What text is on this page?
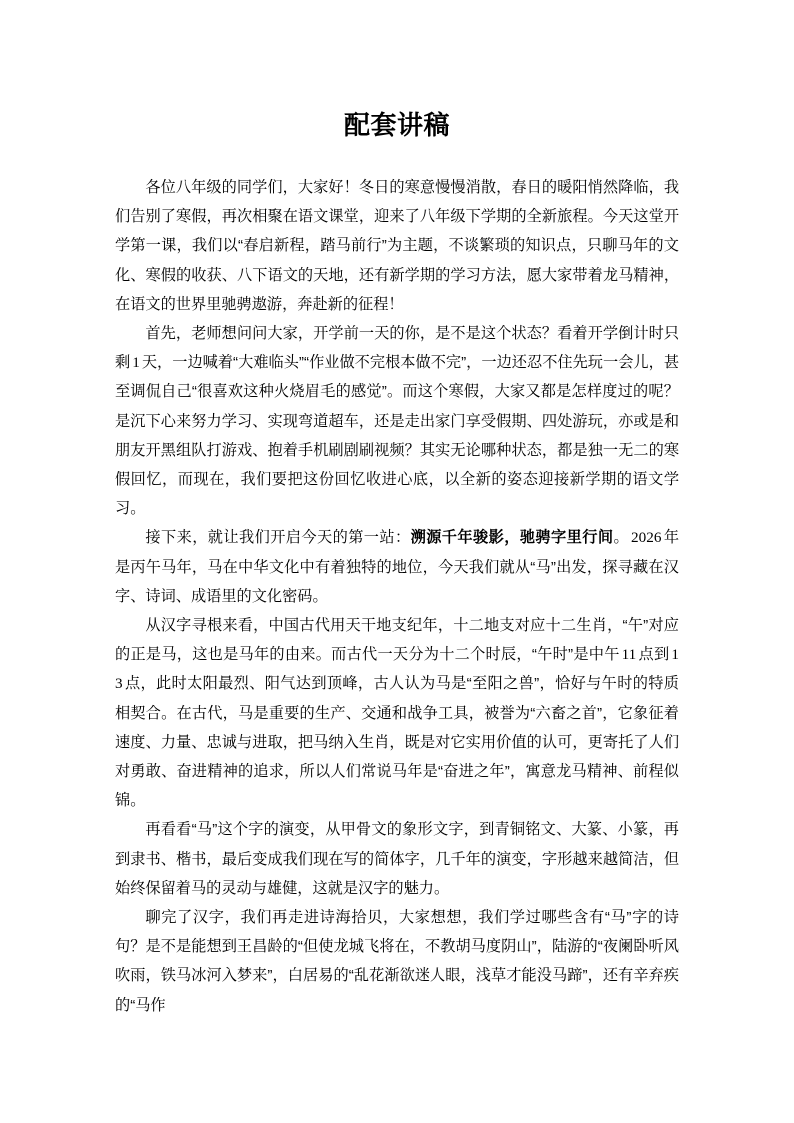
配套讲稿

各位八年级的同学们，大家好！冬日的寒意慢慢消散，春日的暖阳悄然降临，我们告别了寒假，再次相聚在语文课堂，迎来了八年级下学期的全新旅程。今天这堂开学第一课，我们以“春启新程，踏马前行”为主题，不谈繁琐的知识点，只聊马年的文化、寒假的收获、八下语文的天地，还有新学期的学习方法，愿大家带着龙马精神，在语文的世界里驰骋遨游，奔赴新的征程！

首先，老师想问问大家，开学前一天的你，是不是这个状态？看着开学倒计时只剩 1 天，一边喊着“大难临头”“作业做不完根本做不完”，一边还忍不住先玩一会儿，甚至调侃自己“很喜欢这种火烧眉毛的感觉”。而这个寒假，大家又都是怎样度过的呢？是沉下心来努力学习、实现弯道超车，还是走出家门享受假期、四处游玩，亦或是和朋友开黑组队打游戏、抱着手机刷剧刷视频？其实无论哪种状态，都是独一无二的寒假回忆，而现在，我们要把这份回忆收进心底，以全新的姿态迎接新学期的语文学习。

接下来，就让我们开启今天的第一站：溯源千年骏影，驰骋字里行间。 2026 年是丙午马年，马在中华文化中有着独特的地位，今天我们就从“马”出发，探寻藏在汉字、诗词、成语里的文化密码。

从汉字寻根来看，中国古代用天干地支纪年，十二地支对应十二生肖，“午”对应的正是马，这也是马年的由来。而古代一天分为十二个时辰，“午时”是中午 11 点到 13 点，此时太阳最烈、阳气达到顶峰，古人认为马是“至阳之兽”，恰好与午时的特质相契合。在古代，马是重要的生产、交通和战争工具，被誉为“六畜之首”，它象征着速度、力量、忠诚与进取，把马纳入生肖，既是对它实用价值的认可，更寄托了人们对勇敢、奋进精神的追求，所以人们常说马年是“奋进之年”，寓意龙马精神、前程似锦。

再看看“马”这个字的演变，从甲骨文的象形文字，到青铜铭文、大篆、小篆，再到隶书、楷书，最后变成我们现在写的简体字，几千年的演变，字形越来越简洁，但始终保留着马的灵动与雄健，这就是汉字的魅力。

聊完了汉字，我们再走进诗海拾贝，大家想想，我们学过哪些含有“马”字的诗句？是不是能想到王昌龄的“但使龙城飞将在，不教胡马度阴山”，陆游的“夜阑卧听风吹雨，铁马冰河入梦来”，白居易的“乱花渐欲迷人眼，浅草才能没马蹄”，还有辛弃疾的“马作
